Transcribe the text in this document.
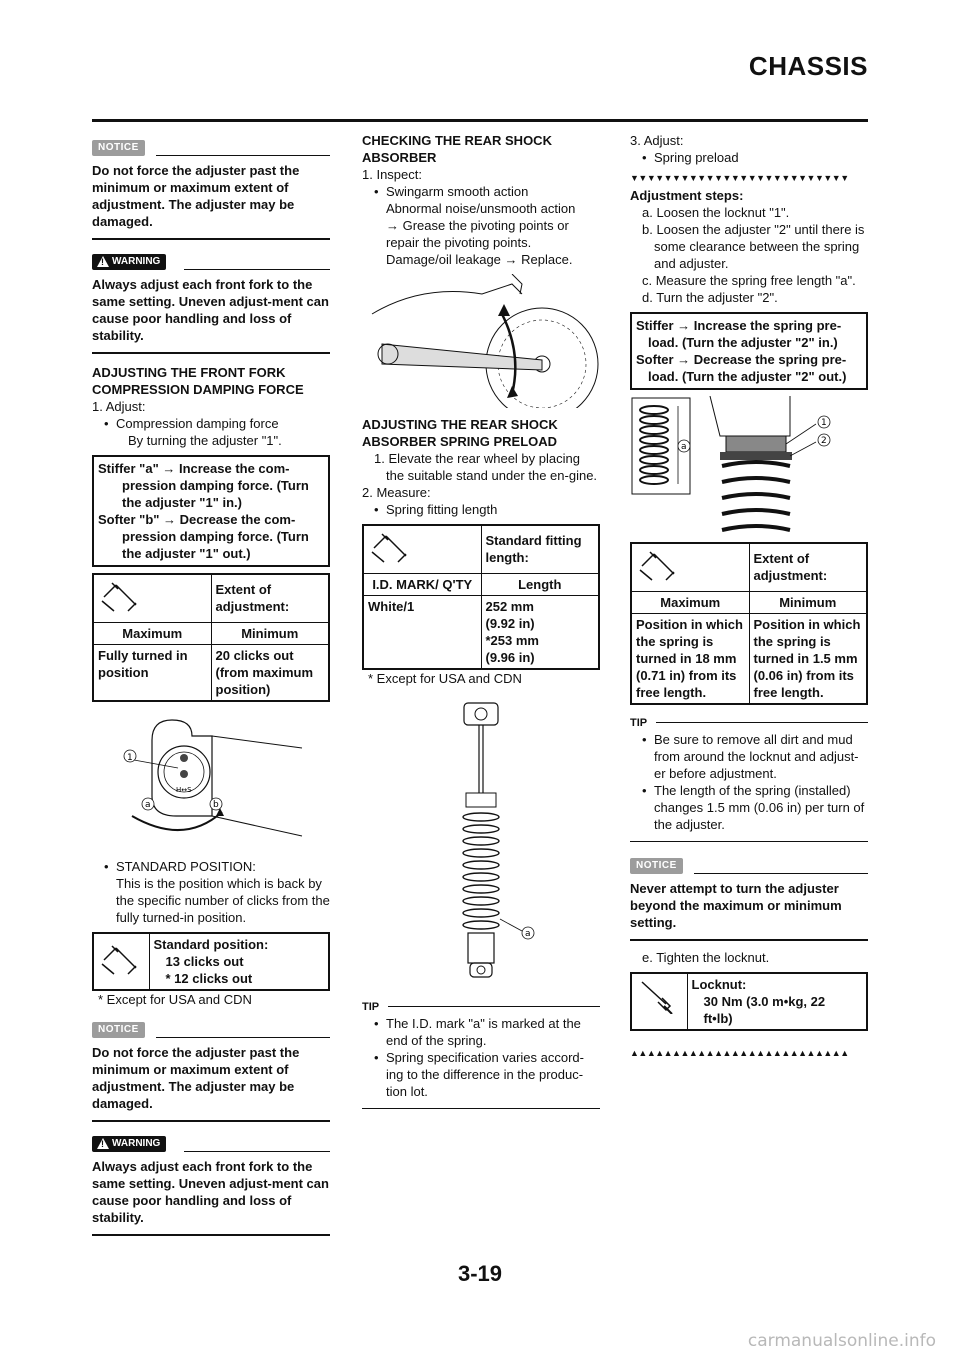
CHASSIS
NOTICE
Do not force the adjuster past the minimum or maximum extent of adjustment. The adjuster may be damaged.
! WARNING
Always adjust each front fork to the same setting. Uneven adjust-ment can cause poor handling and loss of stability.
ADJUSTING THE FRONT FORK COMPRESSION DAMPING FORCE
1. Adjust:
• Compression damping force
By turning the adjuster "1".
Stiffer "a" → Increase the com-
pression damping force. (Turn the adjuster "1" in.)
Softer "b" → Decrease the com-
pression damping force. (Turn the adjuster "1" out.)
	Extent of adjustment:
Maximum	Minimum
Fully turned in position	20 clicks out (from maximum position)
H↔S
1
a	b
• STANDARD POSITION:
This is the position which is back by the specific number of clicks from the fully turned-in position.

Standard position:
13 clicks out
* 12 clicks out
* Except for USA and CDN
NOTICE
Do not force the adjuster past the minimum or maximum extent of adjustment. The adjuster may be damaged.
! WARNING
Always adjust each front fork to the same setting. Uneven adjust-ment can cause poor handling and loss of stability.
CHECKING THE REAR SHOCK ABSORBER
1. Inspect:
• Swingarm smooth action
Abnormal noise/unsmooth action
→ Grease the pivoting points or repair the pivoting points.
Damage/oil leakage → Replace.
ADJUSTING THE REAR SHOCK ABSORBER SPRING PRELOAD
1. Elevate the rear wheel by placing the suitable stand under the en-gine.
2. Measure:
• Spring fitting length
	Standard fitting length:
I.D. MARK/ Q'TY	Length
White/1	252 mm
(9.92 in)
*253 mm
(9.96 in)
* Except for USA and CDN
a
TIP
• The I.D. mark "a" is marked at the end of the spring.
• Spring specification varies accord-ing to the difference in the produc-tion lot.
3. Adjust:
• Spring preload
▼▼▼▼▼▼▼▼▼▼▼▼▼▼▼▼▼▼▼▼▼▼▼▼▼▼
Adjustment steps:
a. Loosen the locknut "1".
b. Loosen the adjuster "2" until there is some clearance between the spring and adjuster.
c. Measure the spring free length "a".
d. Turn the adjuster "2".
Stiffer → Increase the spring pre-
load. (Turn the adjuster "2" in.)
Softer → Decrease the spring pre-
load. (Turn the adjuster "2" out.)
a
1
2
	Extent of adjustment:
Maximum	Minimum
Position in which the spring is turned in 18 mm (0.71 in) from its free length.	Position in which the spring is turned in 1.5 mm (0.06 in) from its free length.
TIP
• Be sure to remove all dirt and mud from around the locknut and adjust-er before adjustment.
• The length of the spring (installed) changes 1.5 mm (0.06 in) per turn of the adjuster.
NOTICE
Never attempt to turn the adjuster beyond the maximum or minimum setting.
e. Tighten the locknut.

Locknut:
30 Nm (3.0 m•kg, 22
ft•lb)
▲▲▲▲▲▲▲▲▲▲▲▲▲▲▲▲▲▲▲▲▲▲▲▲▲▲
3-19
carmanualsonline.info
